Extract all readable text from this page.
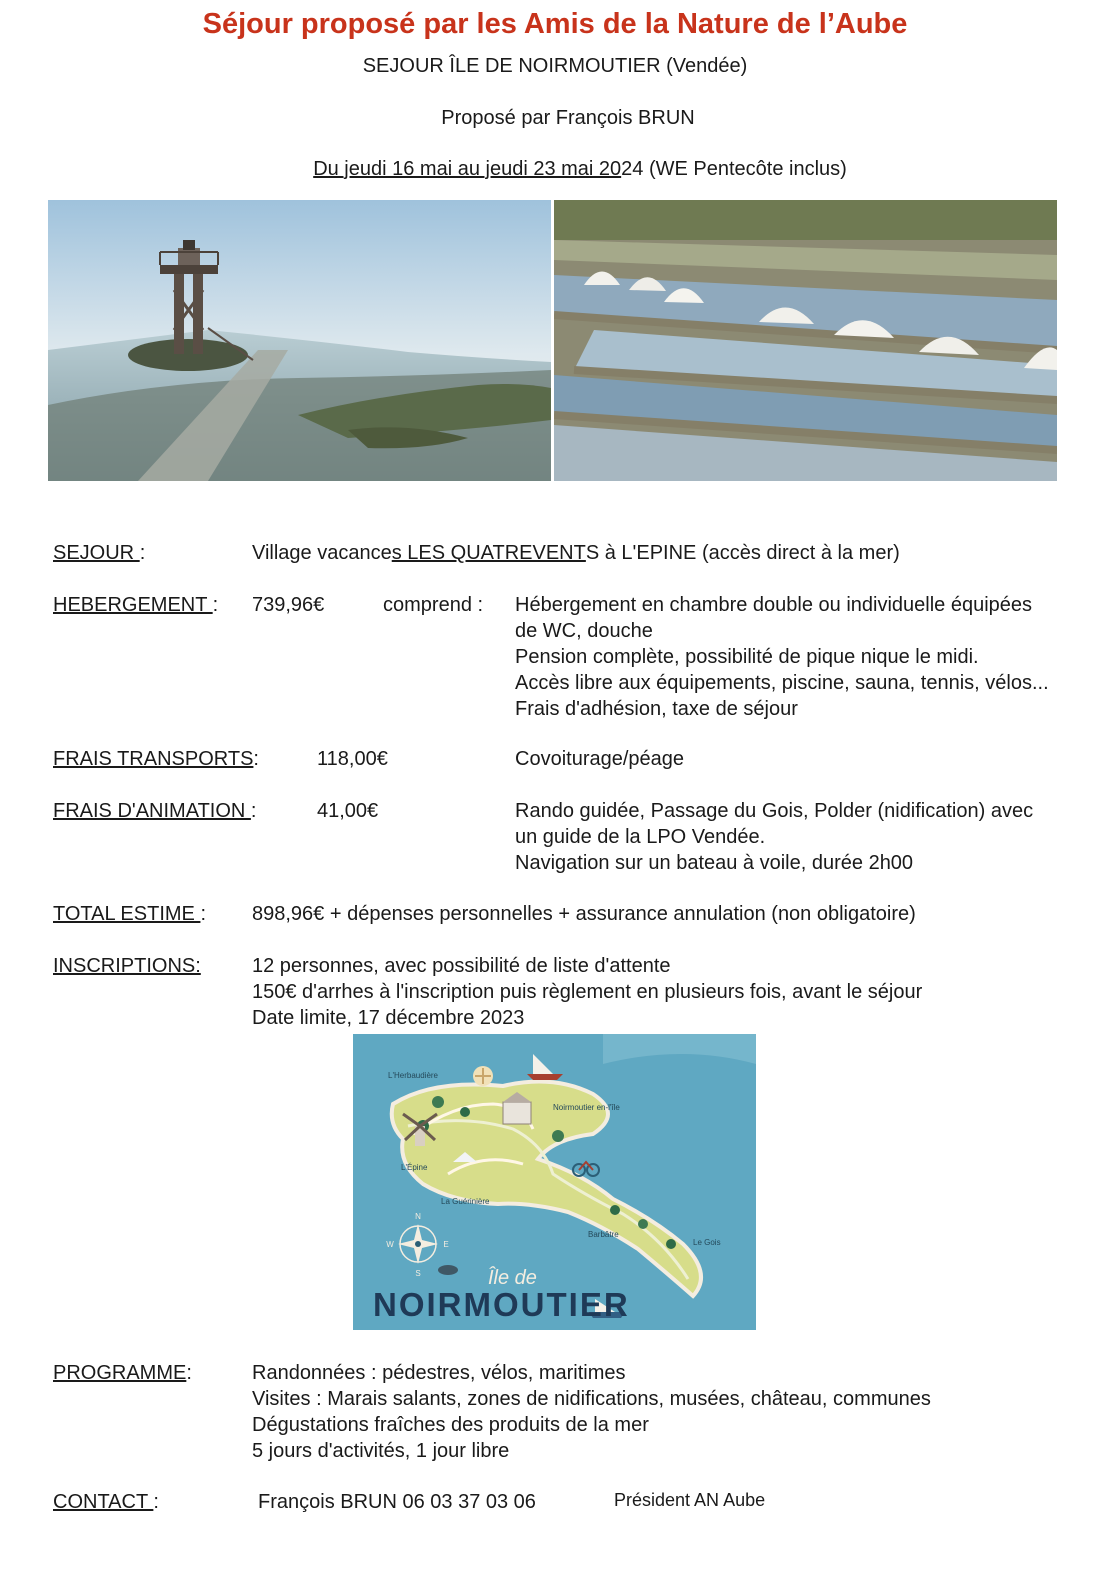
Séjour proposé par les Amis de la Nature de l’Aube
SEJOUR ÎLE DE NOIRMOUTIER (Vendée)
Proposé par François BRUN
Du jeudi 16 mai au jeudi 23 mai 2024 (WE Pentecôte inclus)
SEJOUR :	Village vacances LES QUATREVENTS à L'EPINE (accès direct à la mer)
HEBERGEMENT : 739,96€	comprend : Hébergement en chambre double ou individuelle équipées
de WC, douche
Pension complète, possibilité de pique nique le midi.
Accès libre aux équipements, piscine, sauna, tennis, vélos...
Frais d'adhésion, taxe de séjour
FRAIS TRANSPORTS:	118,00€	Covoiturage/péage
FRAIS D'ANIMATION :	41,00€	Rando guidée, Passage du Gois, Polder (nidification) avec
un guide de la LPO Vendée.
Navigation sur un bateau à voile, durée 2h00
TOTAL ESTIME : 898,96€ + dépenses personnelles + assurance annulation (non obligatoire)
INSCRIPTIONS:	12 personnes, avec possibilité de liste d'attente
150€ d'arrhes à l'inscription puis règlement en plusieurs fois, avant le séjour
Date limite, 17 décembre 2023
N
S
W	E
L'Herbaudière
Noirmoutier en-l'île
L'Épine
La Guérinière
Barbâtre
Le Gois
Île de
NOIRMOUTIER
PROGRAMME:	Randonnées : pédestres, vélos, maritimes
Visites : Marais salants, zones de nidifications, musées, château, communes
Dégustations fraîches des produits de la mer
5 jours d'activités, 1 jour libre
CONTACT :	François BRUN 06 03 37 03 06	Président AN Aube
